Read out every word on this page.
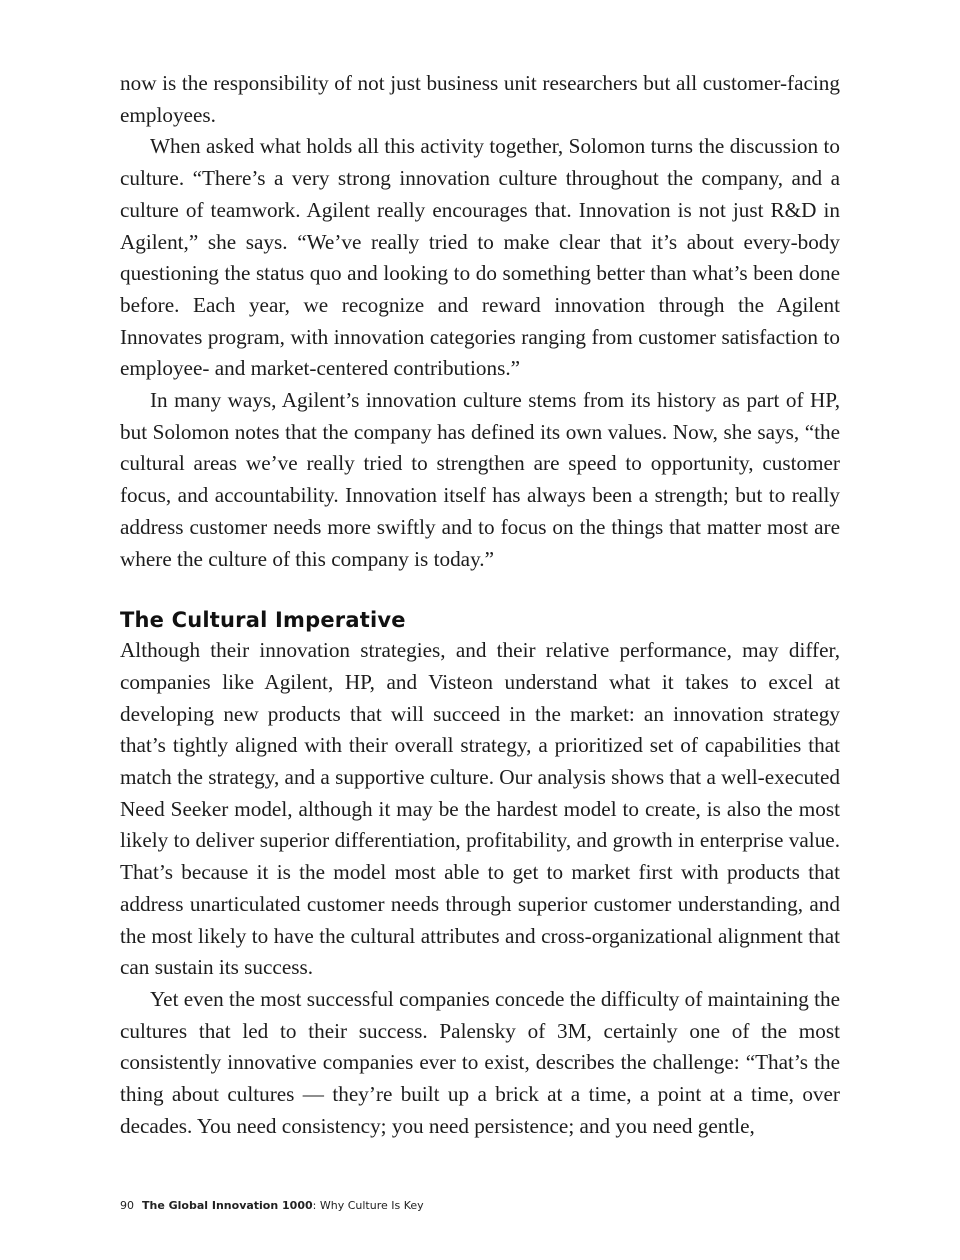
now is the responsibility of not just business unit researchers but all customer-facing employees.

When asked what holds all this activity together, Solomon turns the discussion to culture. “There’s a very strong innovation culture throughout the company, and a culture of teamwork. Agilent really encourages that. Innovation is not just R&D in Agilent,” she says. “We’ve really tried to make clear that it’s about every-body questioning the status quo and looking to do something better than what’s been done before. Each year, we recognize and reward innovation through the Agilent Innovates program, with innovation categories ranging from customer satisfaction to employee- and market-centered contributions.”

In many ways, Agilent’s innovation culture stems from its history as part of HP, but Solomon notes that the company has defined its own values. Now, she says, “the cultural areas we’ve really tried to strengthen are speed to opportunity, customer focus, and accountability. Innovation itself has always been a strength; but to really address customer needs more swiftly and to focus on the things that matter most are where the culture of this company is today.”

The Cultural Imperative

Although their innovation strategies, and their relative performance, may differ, companies like Agilent, HP, and Visteon understand what it takes to excel at developing new products that will succeed in the market: an innovation strategy that’s tightly aligned with their overall strategy, a prioritized set of capabilities that match the strategy, and a supportive culture. Our analysis shows that a well-executed Need Seeker model, although it may be the hardest model to create, is also the most likely to deliver superior differentiation, profitability, and growth in enterprise value. That’s because it is the model most able to get to market first with products that address unarticulated customer needs through superior customer understanding, and the most likely to have the cultural attributes and cross-organizational alignment that can sustain its success.

Yet even the most successful companies concede the difficulty of maintaining the cultures that led to their success. Palensky of 3M, certainly one of the most consistently innovative companies ever to exist, describes the challenge: “That’s the thing about cultures — they’re built up a brick at a time, a point at a time, over decades. You need consistency; you need persistence; and you need gentle,

90 The Global Innovation 1000: Why Culture Is Key
